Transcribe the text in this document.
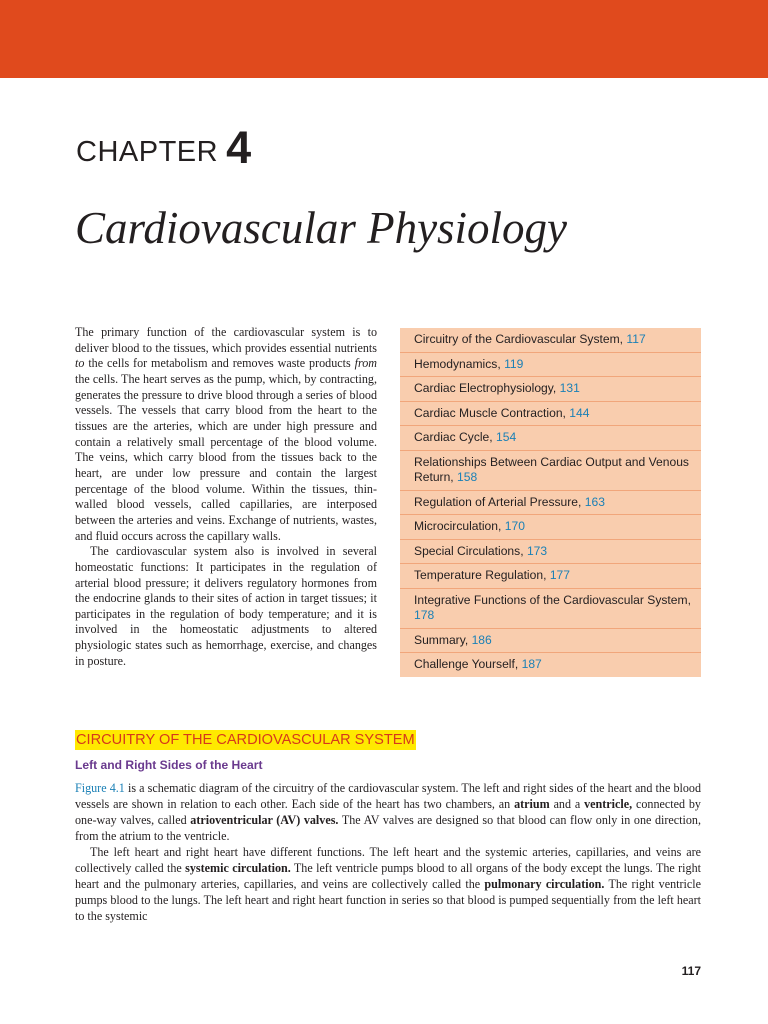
CHAPTER 4
Cardiovascular Physiology

The primary function of the cardiovascular system is to deliver blood to the tissues, which provides essential nutrients to the cells for metabolism and removes waste products from the cells. The heart serves as the pump, which, by contracting, generates the pressure to drive blood through a series of blood vessels. The vessels that carry blood from the heart to the tissues are the arteries, which are under high pressure and contain a relatively small percentage of the blood volume. The veins, which carry blood from the tissues back to the heart, are under low pressure and contain the largest percentage of the blood volume. Within the tissues, thin-walled blood vessels, called capillaries, are interposed between the arteries and veins. Exchange of nutrients, wastes, and fluid occurs across the capillary walls.

The cardiovascular system also is involved in several homeostatic functions: It participates in the regulation of arterial blood pressure; it delivers regulatory hormones from the endocrine glands to their sites of action in target tissues; it participates in the regulation of body temperature; and it is involved in the homeostatic adjustments to altered physiologic states such as hemorrhage, exercise, and changes in posture.

Circuitry of the Cardiovascular System, 117
Hemodynamics, 119
Cardiac Electrophysiology, 131
Cardiac Muscle Contraction, 144
Cardiac Cycle, 154
Relationships Between Cardiac Output and Venous Return, 158
Regulation of Arterial Pressure, 163
Microcirculation, 170
Special Circulations, 173
Temperature Regulation, 177
Integrative Functions of the Cardiovascular System, 178
Summary, 186
Challenge Yourself, 187
CIRCUITRY OF THE CARDIOVASCULAR SYSTEM
Left and Right Sides of the Heart

Figure 4.1 is a schematic diagram of the circuitry of the cardiovascular system. The left and right sides of the heart and the blood vessels are shown in relation to each other. Each side of the heart has two chambers, an atrium and a ventricle, connected by one-way valves, called atrioventricular (AV) valves. The AV valves are designed so that blood can flow only in one direction, from the atrium to the ventricle.

The left heart and right heart have different functions. The left heart and the systemic arteries, capillaries, and veins are collectively called the systemic circulation. The left ventricle pumps blood to all organs of the body except the lungs. The right heart and the pulmonary arteries, capillaries, and veins are collectively called the pulmonary circulation. The right ventricle pumps blood to the lungs. The left heart and right heart function in series so that blood is pumped sequentially from the left heart to the systemic

117
